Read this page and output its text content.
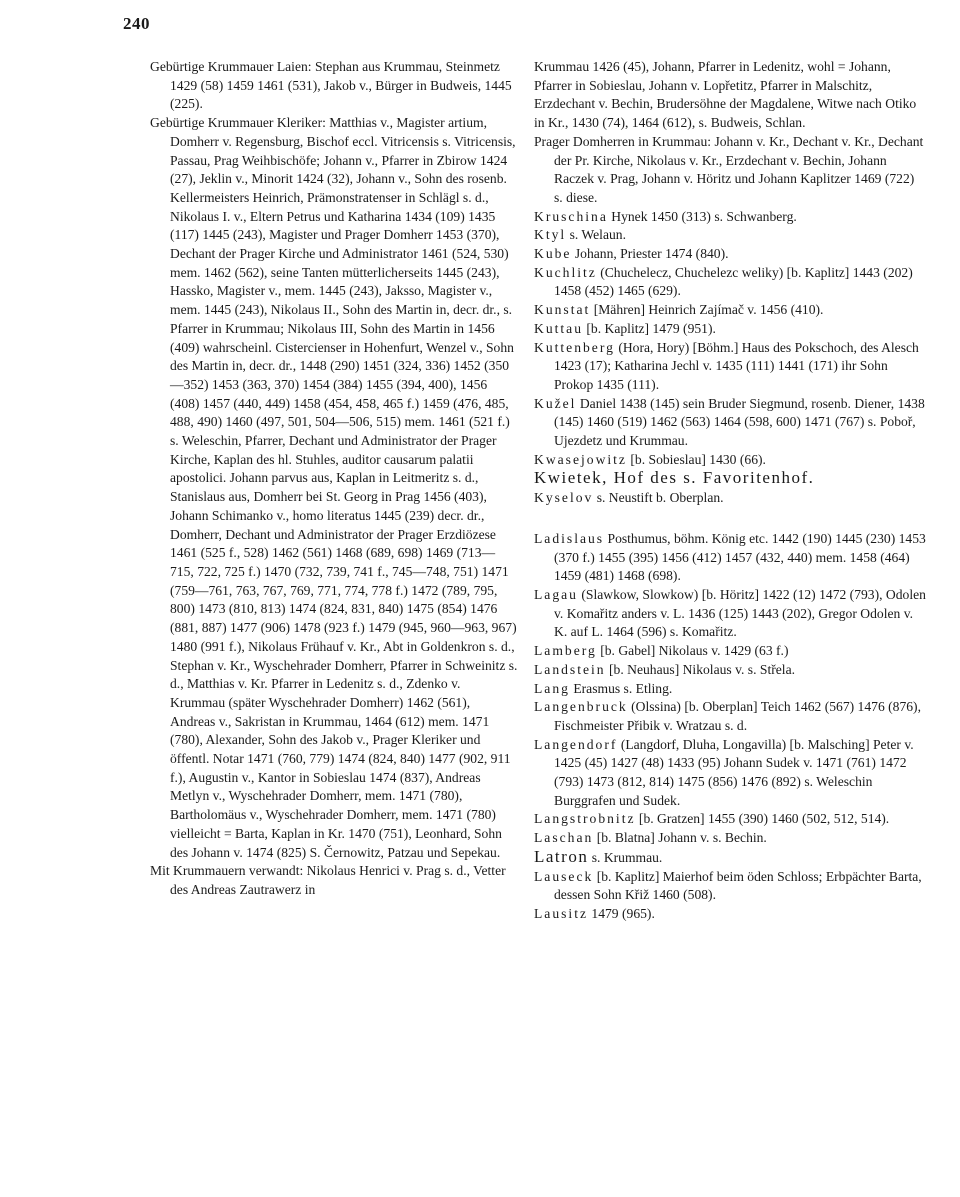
240

Gebürtige Krummauer Laien: Stephan aus Krummau, Steinmetz 1429 (58) 1459 1461 (531), Jakob v., Bürger in Budweis, 1445 (225).

Gebürtige Krummauer Kleriker: Matthias v., Magister artium, Domherr v. Regensburg, Bischof eccl. Vitricensis s. Vitricensis, Passau, Prag Weihbischöfe; Johann v., Pfarrer in Zbirow 1424 (27), Jeklin v., Minorit 1424 (32), Johann v., Sohn des rosenb. Kellermeisters Heinrich, Prämonstratenser in Schlägl s. d., Nikolaus I. v., Eltern Petrus und Katharina 1434 (109) 1435 (117) 1445 (243), Magister und Prager Domherr 1453 (370), Dechant der Prager Kirche und Administrator 1461 (524, 530) mem. 1462 (562), seine Tanten mütterlicherseits 1445 (243), Hassko, Magister v., mem. 1445 (243), Jaksso, Magister v., mem. 1445 (243), Nikolaus II., Sohn des Martin in, decr. dr., s. Pfarrer in Krummau; Nikolaus III, Sohn des Martin in 1456 (409) wahrscheinl. Cistercienser in Hohenfurt, Wenzel v., Sohn des Martin in, decr. dr., 1448 (290) 1451 (324, 336) 1452 (350—352) 1453 (363, 370) 1454 (384) 1455 (394, 400), 1456 (408) 1457 (440, 449) 1458 (454, 458, 465 f.) 1459 (476, 485, 488, 490) 1460 (497, 501, 504—506, 515) mem. 1461 (521 f.) s. Weleschin, Pfarrer, Dechant und Administrator der Prager Kirche, Kaplan des hl. Stuhles, auditor causarum palatii apostolici. Johann parvus aus, Kaplan in Leitmeritz s. d., Stanislaus aus, Domherr bei St. Georg in Prag 1456 (403), Johann Schimanko v., homo literatus 1445 (239) decr. dr., Domherr, Dechant und Administrator der Prager Erzdiözese 1461 (525 f., 528) 1462 (561) 1468 (689, 698) 1469 (713—715, 722, 725 f.) 1470 (732, 739, 741 f., 745—748, 751) 1471 (759—761, 763, 767, 769, 771, 774, 778 f.) 1472 (789, 795, 800) 1473 (810, 813) 1474 (824, 831, 840) 1475 (854) 1476 (881, 887) 1477 (906) 1478 (923 f.) 1479 (945, 960—963, 967) 1480 (991 f.), Nikolaus Frühauf v. Kr., Abt in Goldenkron s. d., Stephan v. Kr., Wyschehrader Domherr, Pfarrer in Schweinitz s. d., Matthias v. Kr. Pfarrer in Ledenitz s. d., Zdenko v. Krummau (später Wyschehrader Domherr) 1462 (561), Andreas v., Sakristan in Krummau, 1464 (612) mem. 1471 (780), Alexander, Sohn des Jakob v., Prager Kleriker und öffentl. Notar 1471 (760, 779) 1474 (824, 840) 1477 (902, 911 f.), Augustin v., Kantor in Sobieslau 1474 (837), Andreas Metlyn v., Wyschehrader Domherr, mem. 1471 (780), Bartholomäus v., Wyschehrader Domherr, mem. 1471 (780) vielleicht = Barta, Kaplan in Kr. 1470 (751), Leonhard, Sohn des Johann v. 1474 (825) S. Černowitz, Patzau und Sepekau.

Mit Krummauern verwandt: Nikolaus Henrici v. Prag s. d., Vetter des Andreas Zautrawerz in

Krummau 1426 (45), Johann, Pfarrer in Ledenitz, wohl = Johann, Pfarrer in Sobieslau, Johann v. Lopřetitz, Pfarrer in Malschitz, Erzdechant v. Bechin, Brudersöhne der Magdalene, Witwe nach Otiko in Kr., 1430 (74), 1464 (612), s. Budweis, Schlan.

Prager Domherren in Krummau: Johann v. Kr., Dechant v. Kr., Dechant der Pr. Kirche, Nikolaus v. Kr., Erzdechant v. Bechin, Johann Raczek v. Prag, Johann v. Höritz und Johann Kaplitzer 1469 (722) s. diese.

Kruschina Hynek 1450 (313) s. Schwanberg.

Ktyl s. Welaun.

Kube Johann, Priester 1474 (840).

Kuchlitz (Chuchelecz, Chuchelezc weliky) [b. Kaplitz] 1443 (202) 1458 (452) 1465 (629).

Kunstat [Mähren] Heinrich Zajímač v. 1456 (410).

Kuttau [b. Kaplitz] 1479 (951).

Kuttenberg (Hora, Hory) [Böhm.] Haus des Pokschoch, des Alesch 1423 (17); Katharina Jechl v. 1435 (111) 1441 (171) ihr Sohn Prokop 1435 (111).

Kužel Daniel 1438 (145) sein Bruder Siegmund, rosenb. Diener, 1438 (145) 1460 (519) 1462 (563) 1464 (598, 600) 1471 (767) s. Poboř, Ujezdetz und Krummau.

Kwasejowitz [b. Sobieslau] 1430 (66).

Kwietek, Hof des s. Favoritenhof.

Kyselov s. Neustift b. Oberplan.

Ladislaus Posthumus, böhm. König etc. 1442 (190) 1445 (230) 1453 (370 f.) 1455 (395) 1456 (412) 1457 (432, 440) mem. 1458 (464) 1459 (481) 1468 (698).

Lagau (Slawkow, Slowkow) [b. Höritz] 1422 (12) 1472 (793), Odolen v. Komařitz anders v. L. 1436 (125) 1443 (202), Gregor Odolen v. K. auf L. 1464 (596) s. Komařitz.

Lamberg [b. Gabel] Nikolaus v. 1429 (63 f.)

Landstein [b. Neuhaus] Nikolaus v. s. Střela.

Lang Erasmus s. Etling.

Langenbruck (Olssina) [b. Oberplan] Teich 1462 (567) 1476 (876), Fischmeister Přibik v. Wratzau s. d.

Langendorf (Langdorf, Dluha, Longavilla) [b. Malsching] Peter v. 1425 (45) 1427 (48) 1433 (95) Johann Sudek v. 1471 (761) 1472 (793) 1473 (812, 814) 1475 (856) 1476 (892) s. Weleschin Burggrafen und Sudek.

Langstrobnitz [b. Gratzen] 1455 (390) 1460 (502, 512, 514).

Laschan [b. Blatna] Johann v. s. Bechin.

Latron s. Krummau.

Lauseck [b. Kaplitz] Maierhof beim öden Schloss; Erbpächter Barta, dessen Sohn Křiž 1460 (508).

Lausitz 1479 (965).
